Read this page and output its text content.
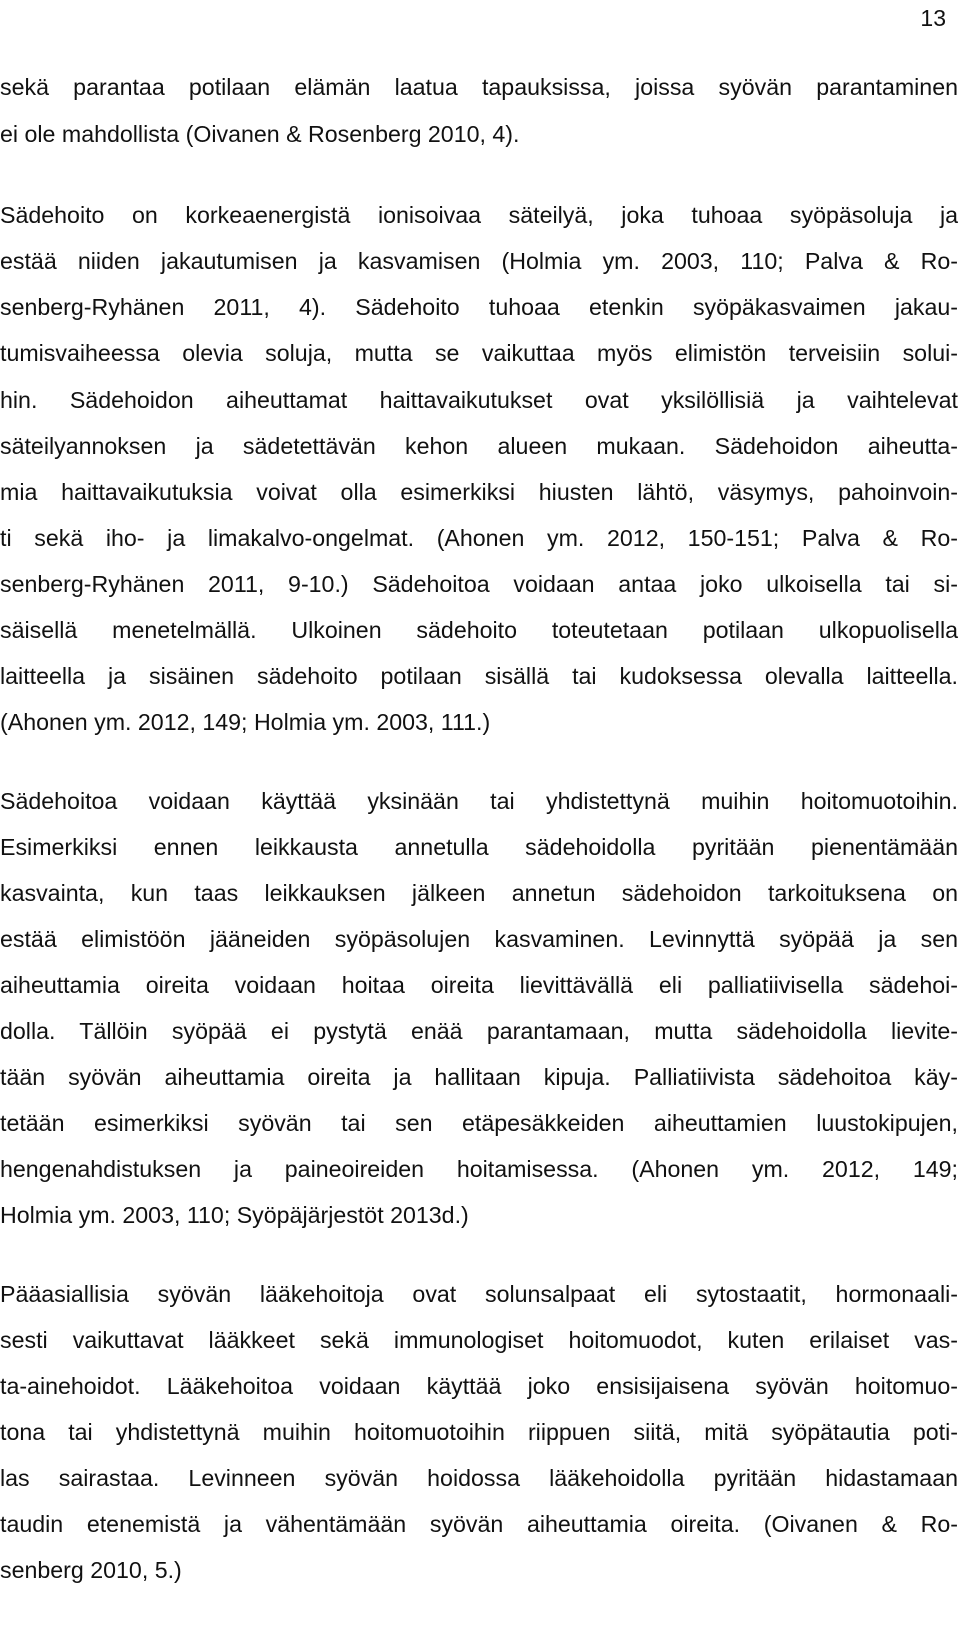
13
sekä parantaa potilaan elämän laatua tapauksissa, joissa syövän parantaminen
ei ole mahdollista (Oivanen & Rosenberg 2010, 4).
Sädehoito on korkeaenergistä ionisoivaa säteilyä, joka tuhoaa syöpäsoluja ja
estää niiden jakautumisen ja kasvamisen (Holmia ym. 2003, 110; Palva & Ro-
senberg-Ryhänen 2011, 4). Sädehoito tuhoaa etenkin syöpäkasvaimen jakau-
tumisvaiheessa olevia soluja, mutta se vaikuttaa myös elimistön terveisiin solui-
hin. Sädehoidon aiheuttamat haittavaikutukset ovat yksilöllisiä ja vaihtelevat
säteilyannoksen ja sädetettävän kehon alueen mukaan. Sädehoidon aiheutta-
mia haittavaikutuksia voivat olla esimerkiksi hiusten lähtö, väsymys, pahoinvoin-
ti sekä iho- ja limakalvo-ongelmat. (Ahonen ym. 2012, 150-151; Palva & Ro-
senberg-Ryhänen 2011, 9-10.) Sädehoitoa voidaan antaa joko ulkoisella tai si-
säisellä menetelmällä. Ulkoinen sädehoito toteutetaan potilaan ulkopuolisella
laitteella ja sisäinen sädehoito potilaan sisällä tai kudoksessa olevalla laitteella.
(Ahonen ym. 2012, 149; Holmia ym. 2003, 111.)
Sädehoitoa voidaan käyttää yksinään tai yhdistettynä muihin hoitomuotoihin.
Esimerkiksi ennen leikkausta annetulla sädehoidolla pyritään pienentämään
kasvainta, kun taas leikkauksen jälkeen annetun sädehoidon tarkoituksena on
estää elimistöön jääneiden syöpäsolujen kasvaminen. Levinnyttä syöpää ja sen
aiheuttamia oireita voidaan hoitaa oireita lievittävällä eli palliatiivisella sädehoi-
dolla. Tällöin syöpää ei pystytä enää parantamaan, mutta sädehoidolla lievite-
tään syövän aiheuttamia oireita ja hallitaan kipuja. Palliatiivista sädehoitoa käy-
tetään esimerkiksi syövän tai sen etäpesäkkeiden aiheuttamien luustokipujen,
hengenahdistuksen ja paineoireiden hoitamisessa. (Ahonen ym. 2012, 149;
Holmia ym. 2003, 110; Syöpäjärjestöt 2013d.)
Pääasiallisia syövän lääkehoitoja ovat solunsalpaat eli sytostaatit, hormonaali-
sesti vaikuttavat lääkkeet sekä immunologiset hoitomuodot, kuten erilaiset vas-
ta-ainehoidot. Lääkehoitoa voidaan käyttää joko ensisijaisena syövän hoitomuo-
tona tai yhdistettynä muihin hoitomuotoihin riippuen siitä, mitä syöpätautia poti-
las sairastaa. Levinneen syövän hoidossa lääkehoidolla pyritään hidastamaan
taudin etenemistä ja vähentämään syövän aiheuttamia oireita. (Oivanen & Ro-
senberg 2010, 5.)
